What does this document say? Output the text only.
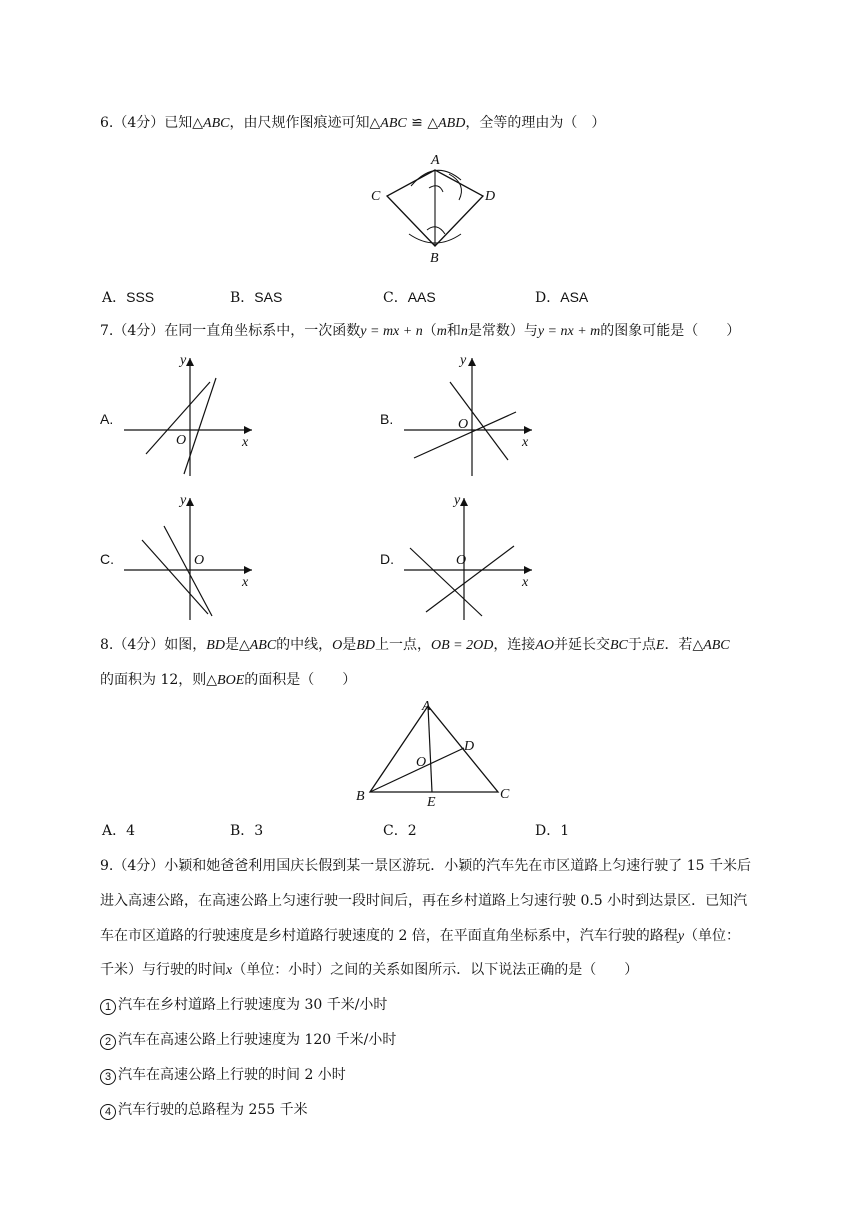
6.（4分）已知△ABC，由尺规作图痕迹可知△ABC ≌ △ABD，全等的理由为（　）
A
C	D
B
A．SSS	B．SAS	C．AAS	D．ASA
7.（4分）在同一直角坐标系中，一次函数y = mx + n（m和n是常数）与y = nx + m的图象可能是（　　）
A.
O	x
y
B.	O
x
y
C.	O
x
y
D.	O
x
y
8.（4分）如图，BD是△ABC的中线，O是BD上一点，OB = 2OD，连接AO并延长交BC于点E．若△ABC
的面积为 12，则△BOE的面积是（　　）
A
B	C
D
E
O
A．4	B．3	C．2	D．1
9.（4分）小颖和她爸爸利用国庆长假到某一景区游玩．小颖的汽车先在市区道路上匀速行驶了 15 千米后
进入高速公路，在高速公路上匀速行驶一段时间后，再在乡村道路上匀速行驶 0.5 小时到达景区．已知汽
车在市区道路的行驶速度是乡村道路行驶速度的 2 倍，在平面直角坐标系中，汽车行驶的路程y（单位：
千米）与行驶的时间x（单位：小时）之间的关系如图所示．以下说法正确的是（　　）
1 汽车在乡村道路上行驶速度为 30 千米/小时
2 汽车在高速公路上行驶速度为 120 千米/小时
3 汽车在高速公路上行驶的时间 2 小时
4 汽车行驶的总路程为 255 千米
